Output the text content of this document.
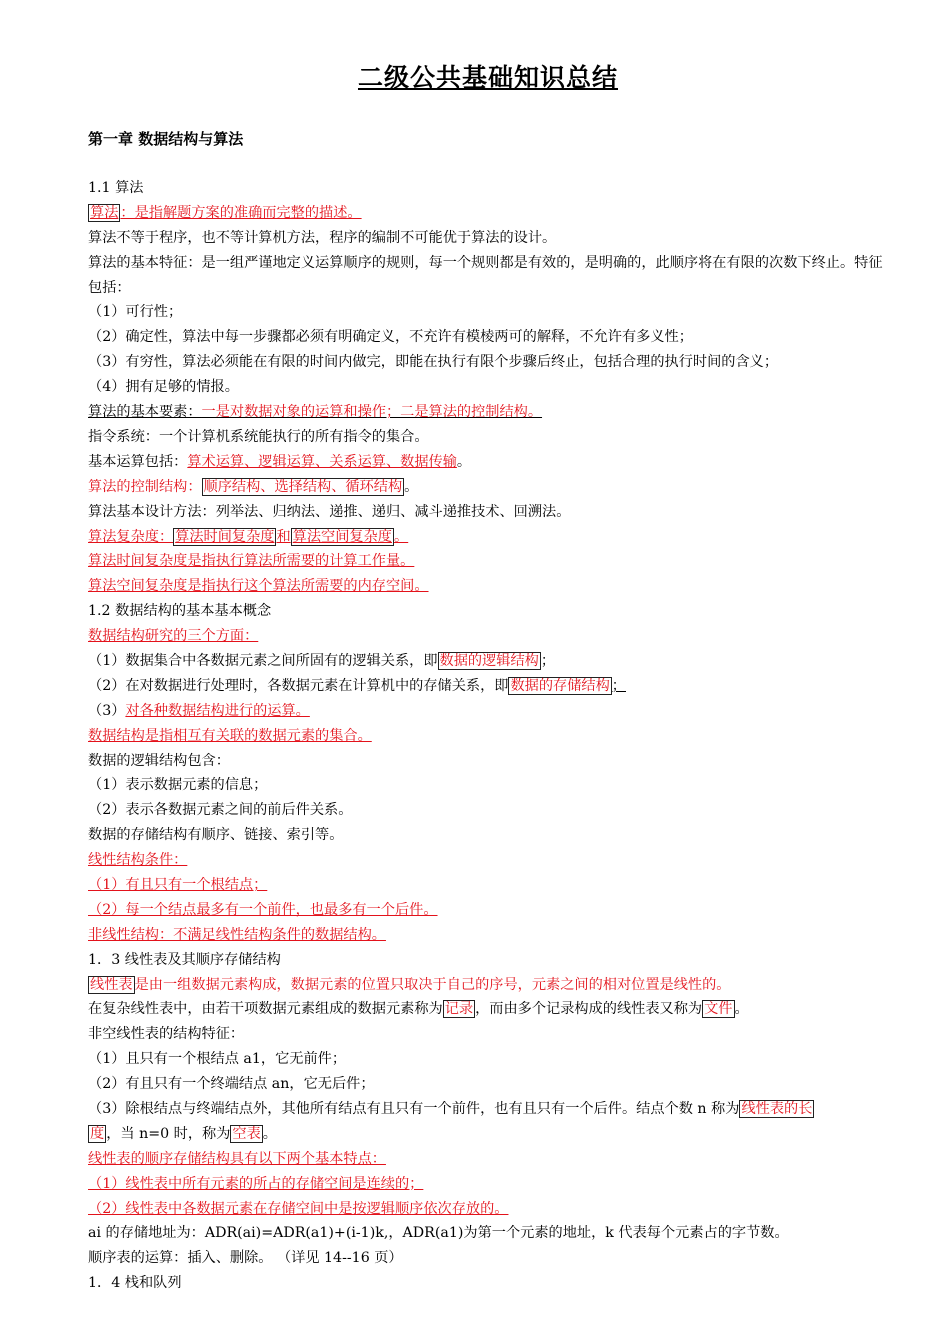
二级公共基础知识总结
第一章 数据结构与算法
1.1 算法
算法 ：是指解题方案的准确而完整的描述。
算法不等于程序，也不等计算机方法，程序的编制不可能优于算法的设计。
算法的基本特征：是一组严谨地定义运算顺序的规则，每一个规则都是有效的，是明确的，此顺序将在有限的次数下终止。特征包括：
（1）可行性；
（2）确定性，算法中每一步骤都必须有明确定义，不充许有模棱两可的解释，不允许有多义性；
（3）有穷性，算法必须能在有限的时间内做完，即能在执行有限个步骤后终止，包括合理的执行时间的含义；
（4）拥有足够的情报。
算法的基本要素：一是对数据对象的运算和操作；二是算法的控制结构。
指令系统：一个计算机系统能执行的所有指令的集合。
基本运算包括：算术运算、逻辑运算、关系运算、数据传输。
算法的控制结构： 顺序结构、选择结构、循环结构 。
算法基本设计方法：列举法、归纳法、递推、递归、减斗递推技术、回溯法。
算法复杂度： 算法时间复杂度 和 算法空间复杂度 。
算法时间复杂度是指执行算法所需要的计算工作量。
算法空间复杂度是指执行这个算法所需要的内存空间。
1.2 数据结构的基本基本概念
数据结构研究的三个方面：
（1）数据集合中各数据元素之间所固有的逻辑关系，即 数据的逻辑结构 ；
（2）在对数据进行处理时，各数据元素在计算机中的存储关系，即 数据的存储结构 ；
（3）对各种数据结构进行的运算。
数据结构是指相互有关联的数据元素的集合。
数据的逻辑结构包含：
（1）表示数据元素的信息；
（2）表示各数据元素之间的前后件关系。
数据的存储结构有顺序、链接、索引等。
线性结构条件：
（1）有且只有一个根结点；
（2）每一个结点最多有一个前件，也最多有一个后件。
非线性结构：不满足线性结构条件的数据结构。
1．3 线性表及其顺序存储结构
线性表 是由一组数据元素构成，数据元素的位置只取决于自己的序号，元素之间的相对位置是线性的。
在复杂线性表中，由若干项数据元素组成的数据元素称为 记录 ，而由多个记录构成的线性表又称为 文件 。
非空线性表的结构特征：
（1）且只有一个根结点 a1，它无前件；
（2）有且只有一个终端结点 an，它无后件；
（3）除根结点与终端结点外，其他所有结点有且只有一个前件，也有且只有一个后件。结点个数 n 称为 线性表的长
度 ，当 n=0 时，称为 空表 。
线性表的顺序存储结构具有以下两个基本特点：
（1）线性表中所有元素的所占的存储空间是连续的；
（2）线性表中各数据元素在存储空间中是按逻辑顺序依次存放的。
ai 的存储地址为：ADR(ai)=ADR(a1)+(i-1)k,，ADR(a1)为第一个元素的地址，k 代表每个元素占的字节数。
顺序表的运算：插入、删除。 （详见 14--16 页）
1．4 栈和队列
